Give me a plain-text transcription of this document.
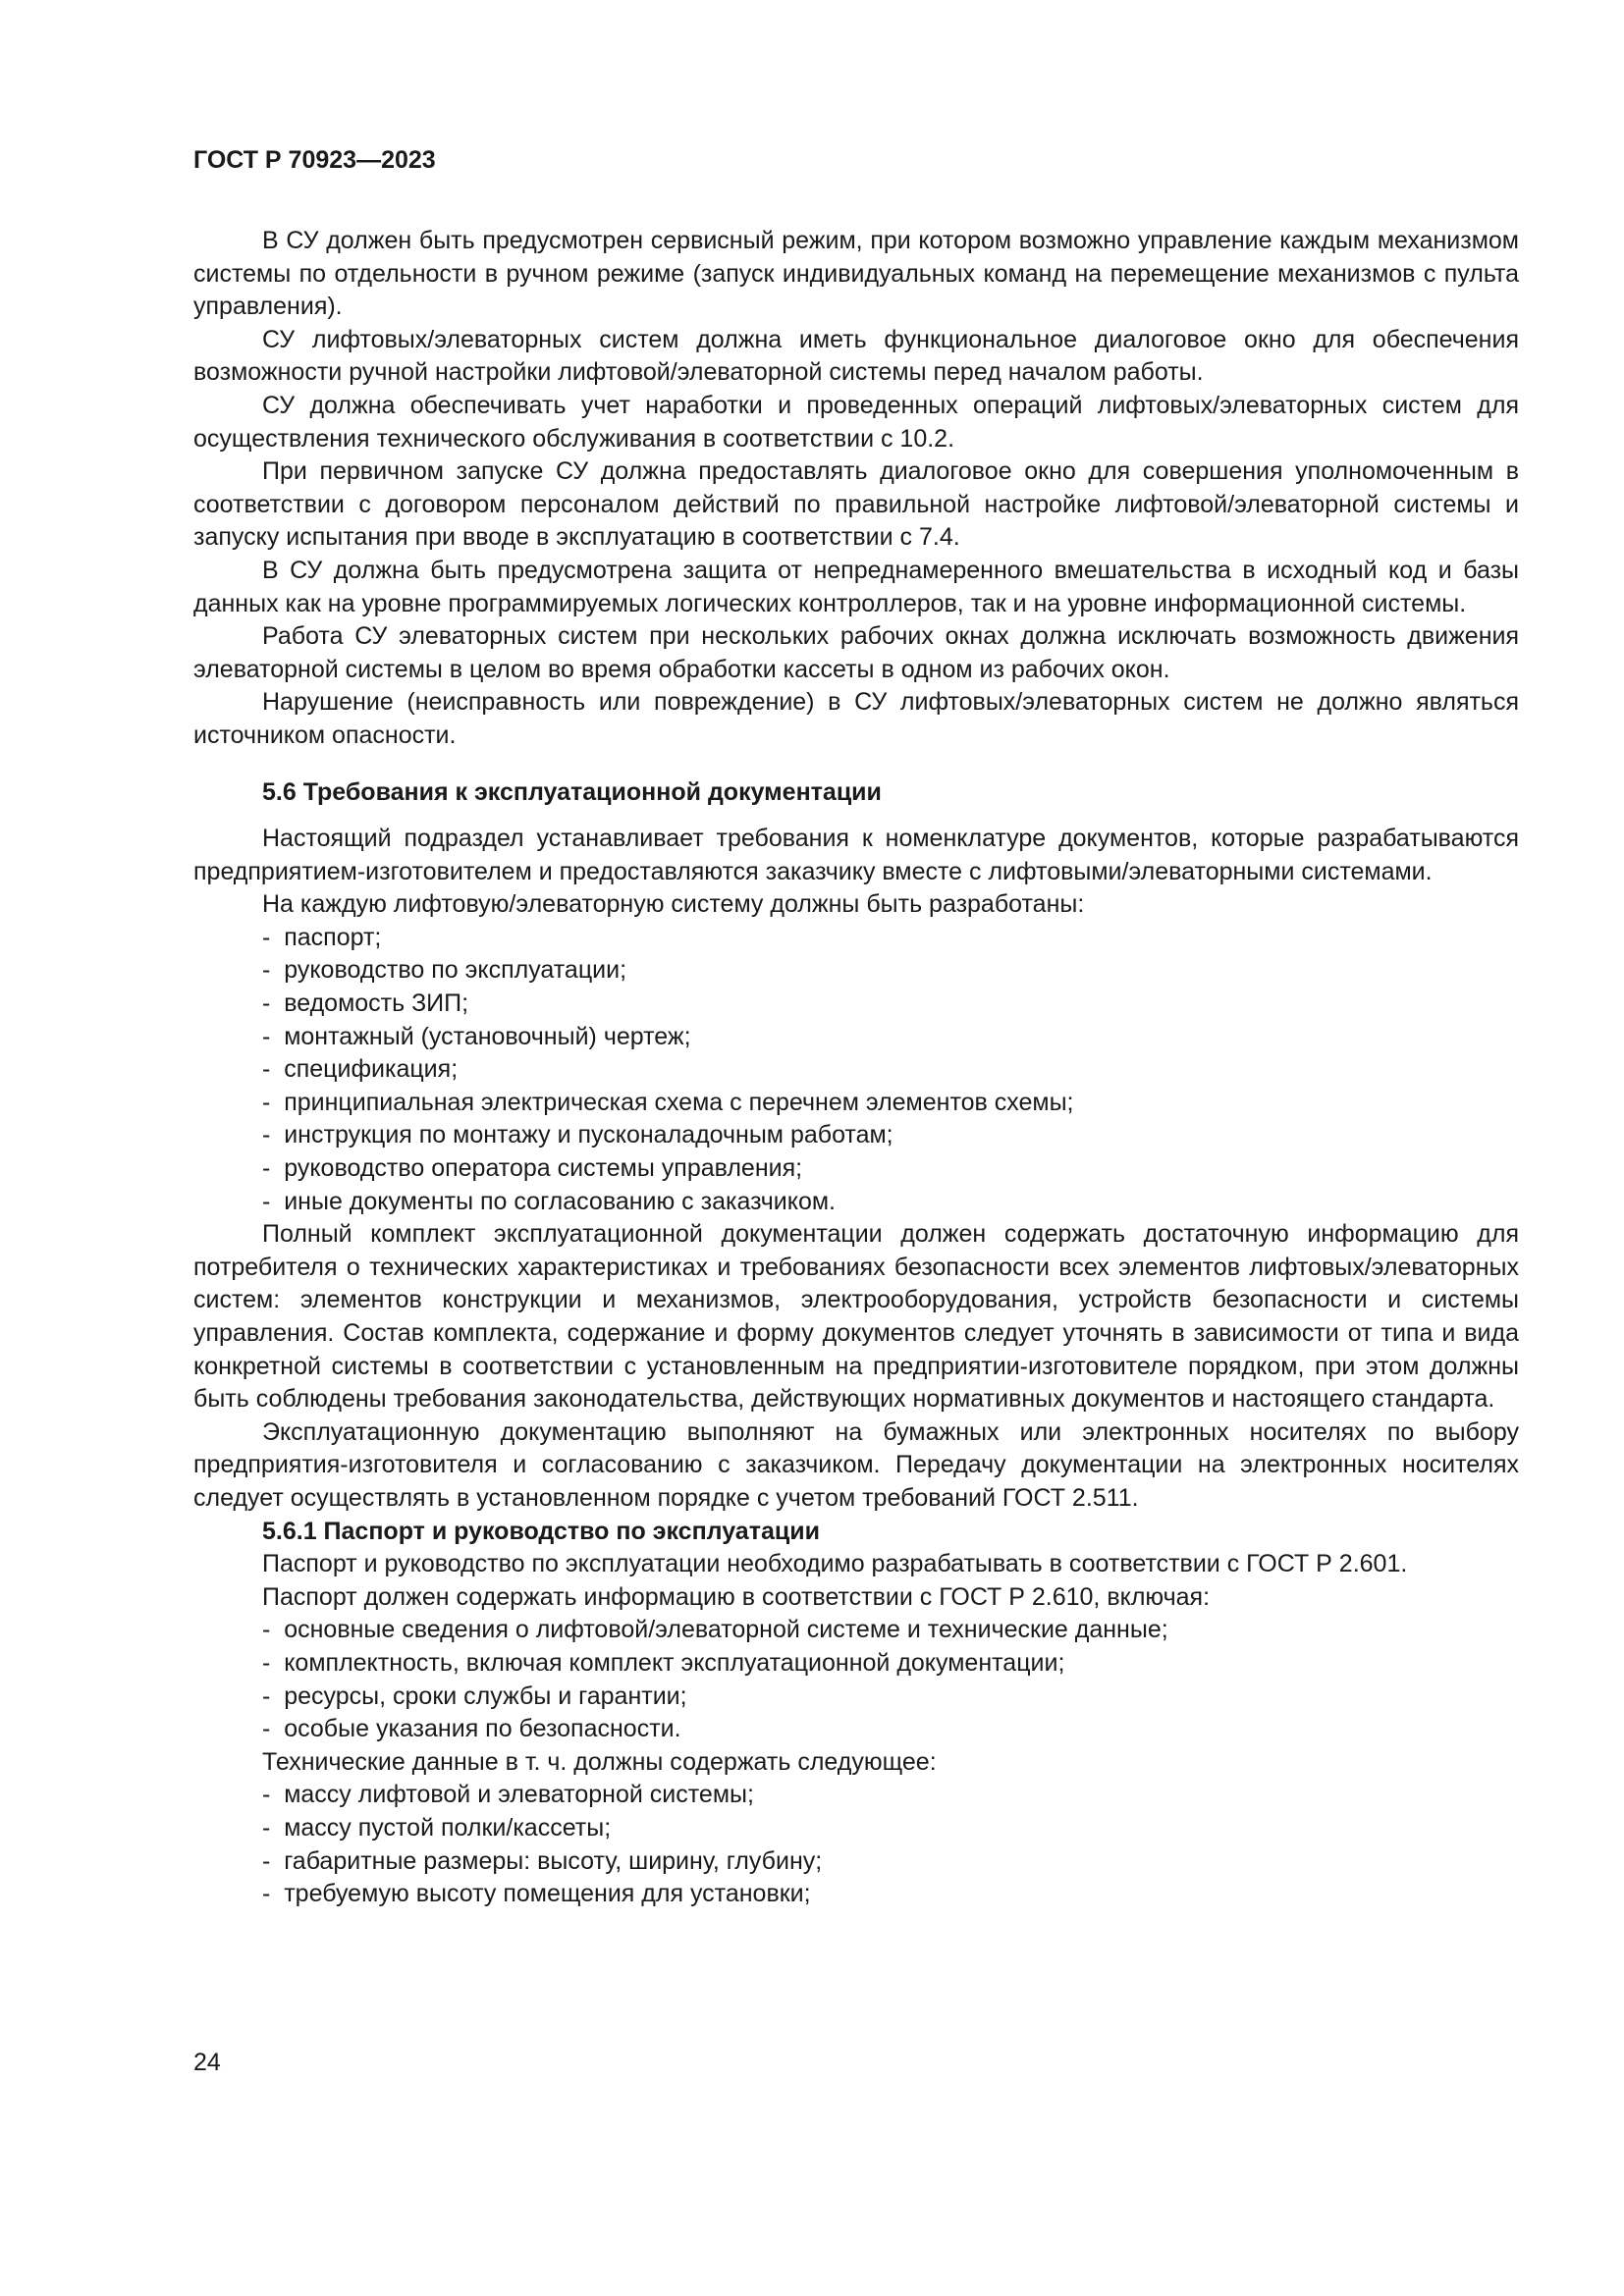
ГОСТ Р 70923—2023

В СУ должен быть предусмотрен сервисный режим, при котором возможно управление каждым механизмом системы по отдельности в ручном режиме (запуск индивидуальных команд на перемещение механизмов с пульта управления).

СУ лифтовых/элеваторных систем должна иметь функциональное диалоговое окно для обеспечения возможности ручной настройки лифтовой/элеваторной системы перед началом работы.

СУ должна обеспечивать учет наработки и проведенных операций лифтовых/элеваторных систем для осуществления технического обслуживания в соответствии с 10.2.

При первичном запуске СУ должна предоставлять диалоговое окно для совершения уполномоченным в соответствии с договором персоналом действий по правильной настройке лифтовой/элеваторной системы и запуску испытания при вводе в эксплуатацию в соответствии с 7.4.

В СУ должна быть предусмотрена защита от непреднамеренного вмешательства в исходный код и базы данных как на уровне программируемых логических контроллеров, так и на уровне информационной системы.

Работа СУ элеваторных систем при нескольких рабочих окнах должна исключать возможность движения элеваторной системы в целом во время обработки кассеты в одном из рабочих окон.

Нарушение (неисправность или повреждение) в СУ лифтовых/элеваторных систем не должно являться источником опасности.

5.6 Требования к эксплуатационной документации

Настоящий подраздел устанавливает требования к номенклатуре документов, которые разрабатываются предприятием-изготовителем и предоставляются заказчику вместе с лифтовыми/элеваторными системами.

На каждую лифтовую/элеваторную систему должны быть разработаны:

-  паспорт;
-  руководство по эксплуатации;
-  ведомость ЗИП;
-  монтажный (установочный) чертеж;
-  спецификация;
-  принципиальная электрическая схема с перечнем элементов схемы;
-  инструкция по монтажу и пусконаладочным работам;
-  руководство оператора системы управления;
-  иные документы по согласованию с заказчиком.

Полный комплект эксплуатационной документации должен содержать достаточную информацию для потребителя о технических характеристиках и требованиях безопасности всех элементов лифтовых/элеваторных систем: элементов конструкции и механизмов, электрооборудования, устройств безопасности и системы управления. Состав комплекта, содержание и форму документов следует уточнять в зависимости от типа и вида конкретной системы в соответствии с установленным на предприятии-изготовителе порядком, при этом должны быть соблюдены требования законодательства, действующих нормативных документов и настоящего стандарта.

Эксплуатационную документацию выполняют на бумажных или электронных носителях по выбору предприятия-изготовителя и согласованию с заказчиком. Передачу документации на электронных носителях следует осуществлять в установленном порядке с учетом требований ГОСТ 2.511.

5.6.1 Паспорт и руководство по эксплуатации

Паспорт и руководство по эксплуатации необходимо разрабатывать в соответствии с ГОСТ Р 2.601.

Паспорт должен содержать информацию в соответствии с ГОСТ Р 2.610, включая:

-  основные сведения о лифтовой/элеваторной системе и технические данные;
-  комплектность, включая комплект эксплуатационной документации;
-  ресурсы, сроки службы и гарантии;
-  особые указания по безопасности.

Технические данные в т. ч. должны содержать следующее:

-  массу лифтовой и элеваторной системы;
-  массу пустой полки/кассеты;
-  габаритные размеры: высоту, ширину, глубину;
-  требуемую высоту помещения для установки;
24
